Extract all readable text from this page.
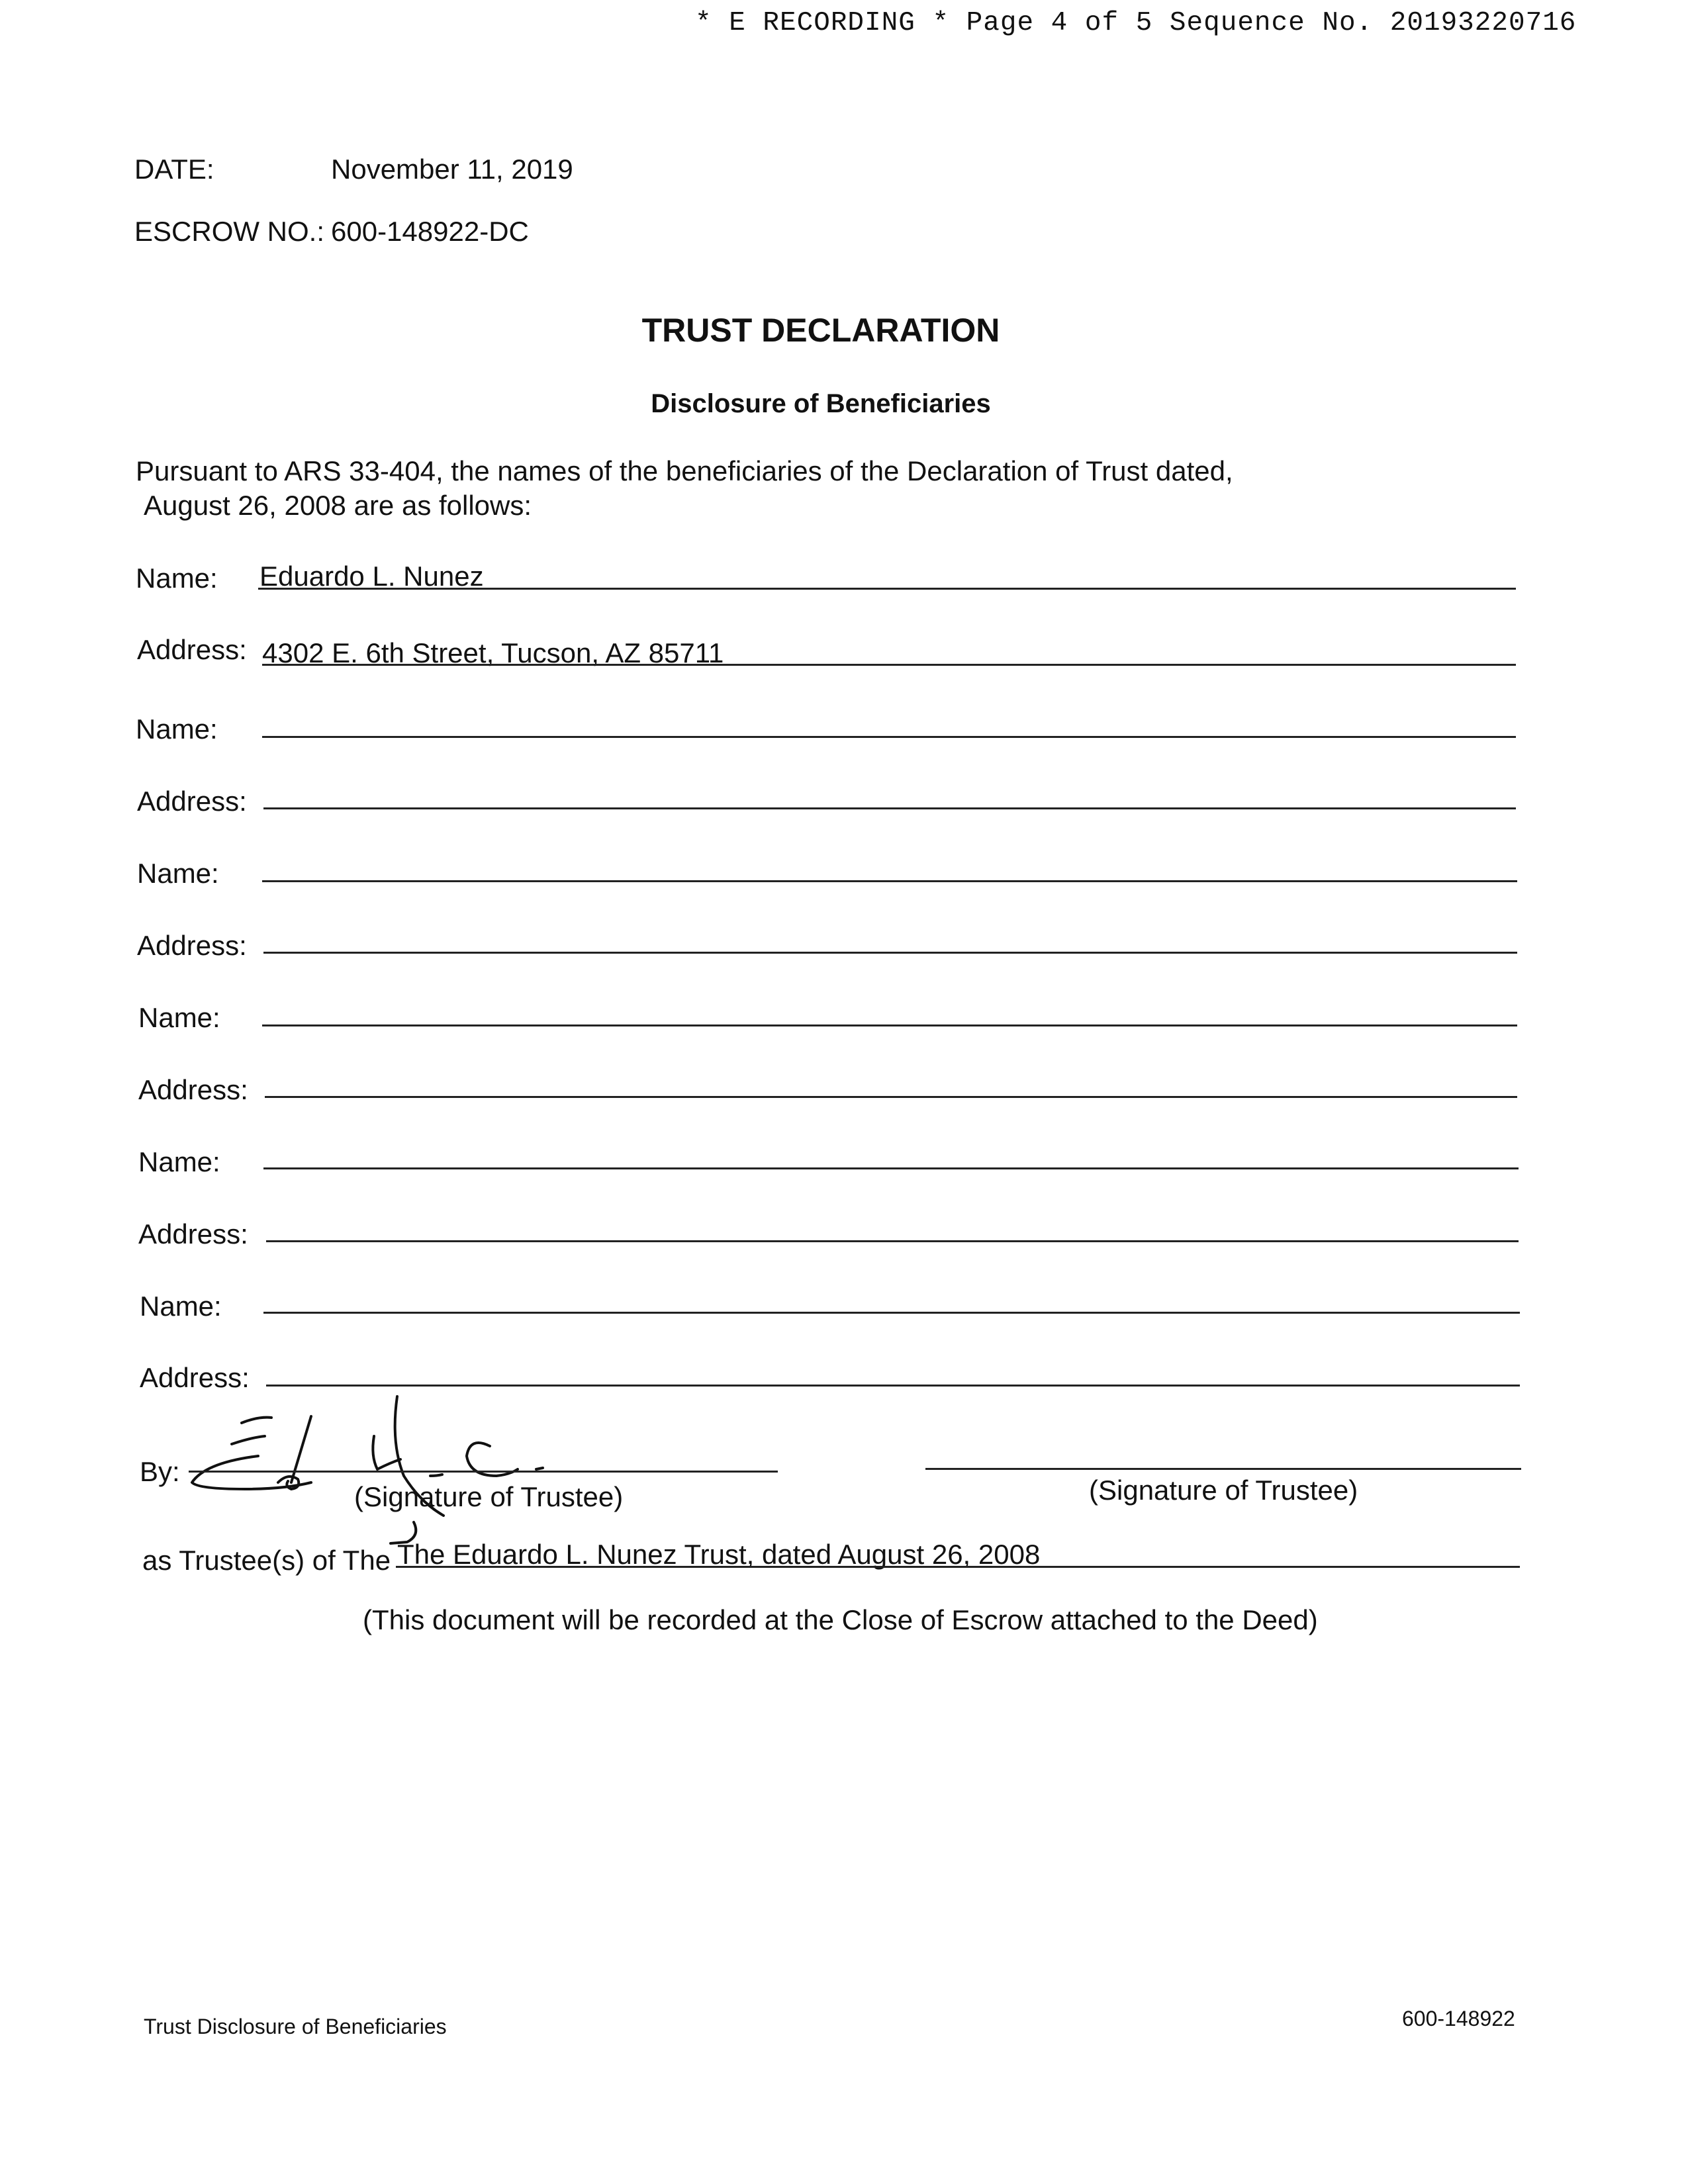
* E RECORDING * Page 4 of 5 Sequence No. 20193220716
DATE:	November 11, 2019
ESCROW NO.: 600-148922-DC
TRUST DECLARATION
Disclosure of Beneficiaries
Pursuant to ARS 33-404, the names of the beneficiaries of the Declaration of Trust dated,
August 26, 2008 are as follows:
Name: Eduardo L. Nunez
Address: 4302 E. 6th Street, Tucson, AZ 85711
Name:
Address:
Name:
Address:
Name:
Address:
Name:
Address:
Name:
Address:
By:
(Signature of Trustee)	(Signature of Trustee)
as Trustee(s) of The The Eduardo L. Nunez Trust, dated August 26, 2008
(This document will be recorded at the Close of Escrow attached to the Deed)
Trust Disclosure of Beneficiaries	600-148922
